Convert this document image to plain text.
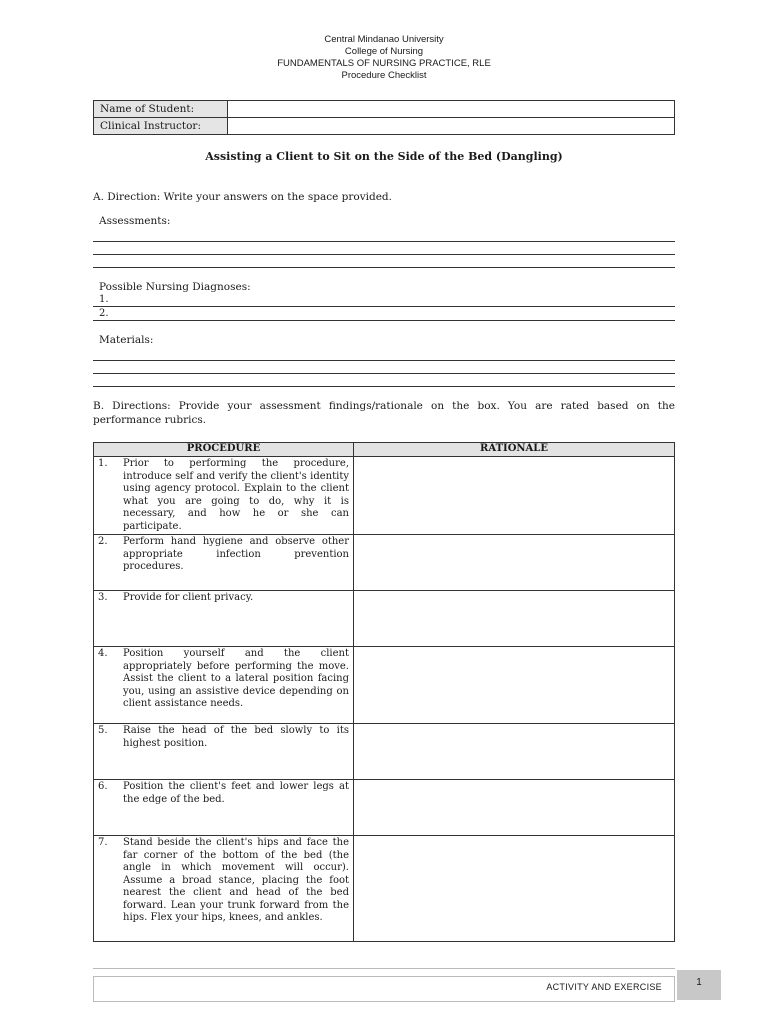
Central Mindanao University
College of Nursing
FUNDAMENTALS OF NURSING PRACTICE, RLE
Procedure Checklist
Name of Student:	
Clinical Instructor:	
Assisting a Client to Sit on the Side of the Bed (Dangling)
A. Direction: Write your answers on the space provided.
Assessments:
Possible Nursing Diagnoses:
1.
2.
Materials:
B. Directions: Provide your assessment findings/rationale on the box. You are rated based on the performance rubrics.
PROCEDURE	RATIONALE

1. Prior to performing the procedure, introduce self and verify the client's identity using agency protocol. Explain to the client what you are going to do, why it is necessary, and how he or she can participate.	

2. Perform hand hygiene and observe other appropriate infection prevention procedures.	

3. Provide for client privacy.	

4. Position yourself and the client appropriately before performing the move. Assist the client to a lateral position facing you, using an assistive device depending on client assistance needs.	

5. Raise the head of the bed slowly to its highest position.	

6. Position the client's feet and lower legs at the edge of the bed.	

7. Stand beside the client's hips and face the far corner of the bottom of the bed (the angle in which movement will occur). Assume a broad stance, placing the foot nearest the client and head of the bed forward. Lean your trunk forward from the hips. Flex your hips, knees, and ankles.	

ACTIVITY AND EXERCISE	1
